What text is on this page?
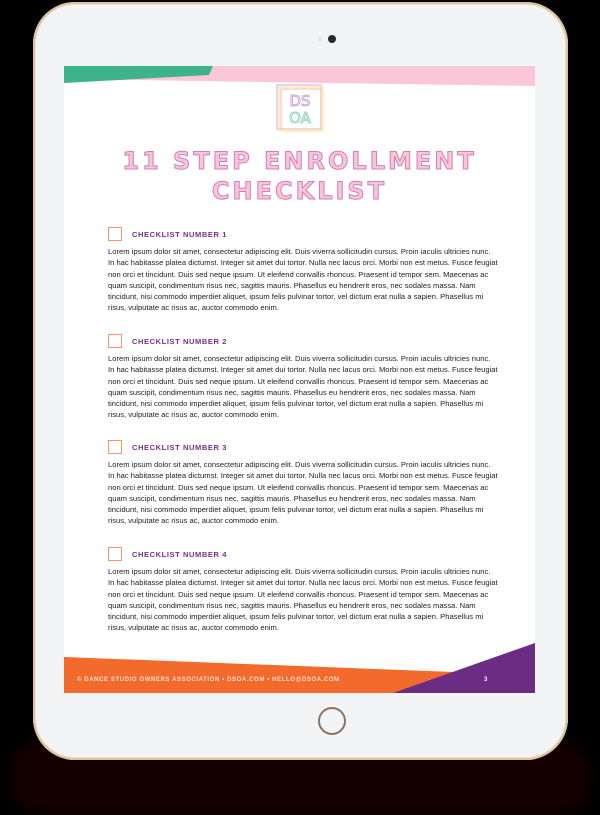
DS
OA
11 STEP ENROLLMENT
CHECKLIST
CHECKLIST NUMBER 1
Lorem ipsum dolor sit amet, consectetur adipiscing elit. Duis viverra sollicitudin cursus. Proin iaculis ultricies nunc. In hac habitasse platea dictumst. Integer sit amet dui tortor. Nulla nec lacus orci. Morbi non est metus. Fusce feugiat non orci et tincidunt. Duis sed neque ipsum. Ut eleifend convallis rhoncus. Praesent id tempor sem. Maecenas ac quam suscipit, condimentum risus nec, sagittis mauris. Phasellus eu hendrerit eros, nec sodales massa. Nam tincidunt, nisi commodo imperdiet aliquet, ipsum felis pulvinar tortor, vel dictum erat nulla a sapien. Phasellus mi risus, vulputate ac risus ac, auctor commodo enim.
CHECKLIST NUMBER 2
Lorem ipsum dolor sit amet, consectetur adipiscing elit. Duis viverra sollicitudin cursus. Proin iaculis ultricies nunc. In hac habitasse platea dictumst. Integer sit amet dui tortor. Nulla nec lacus orci. Morbi non est metus. Fusce feugiat non orci et tincidunt. Duis sed neque ipsum. Ut eleifend convallis rhoncus. Praesent id tempor sem. Maecenas ac quam suscipit, condimentum risus nec, sagittis mauris. Phasellus eu hendrerit eros, nec sodales massa. Nam tincidunt, nisi commodo imperdiet aliquet, ipsum felis pulvinar tortor, vel dictum erat nulla a sapien. Phasellus mi risus, vulputate ac risus ac, auctor commodo enim.
CHECKLIST NUMBER 3
Lorem ipsum dolor sit amet, consectetur adipiscing elit. Duis viverra sollicitudin cursus. Proin iaculis ultricies nunc. In hac habitasse platea dictumst. Integer sit amet dui tortor. Nulla nec lacus orci. Morbi non est metus. Fusce feugiat non orci et tincidunt. Duis sed neque ipsum. Ut eleifend convallis rhoncus. Praesent id tempor sem. Maecenas ac quam suscipit, condimentum risus nec, sagittis mauris. Phasellus eu hendrerit eros, nec sodales massa. Nam tincidunt, nisi commodo imperdiet aliquet, ipsum felis pulvinar tortor, vel dictum erat nulla a sapien. Phasellus mi risus, vulputate ac risus ac, auctor commodo enim.
CHECKLIST NUMBER 4
Lorem ipsum dolor sit amet, consectetur adipiscing elit. Duis viverra sollicitudin cursus. Proin iaculis ultricies nunc. In hac habitasse platea dictumst. Integer sit amet dui tortor. Nulla nec lacus orci. Morbi non est metus. Fusce feugiat non orci et tincidunt. Duis sed neque ipsum. Ut eleifend convallis rhoncus. Praesent id tempor sem. Maecenas ac quam suscipit, condimentum risus nec, sagittis mauris. Phasellus eu hendrerit eros, nec sodales massa. Nam tincidunt, nisi commodo imperdiet aliquet, ipsum felis pulvinar tortor, vel dictum erat nulla a sapien. Phasellus mi risus, vulputate ac risus ac, auctor commodo enim.
© DANCE STUDIO OWNERS ASSOCIATION • DSOA.COM • HELLO@DSOA.COM	3
